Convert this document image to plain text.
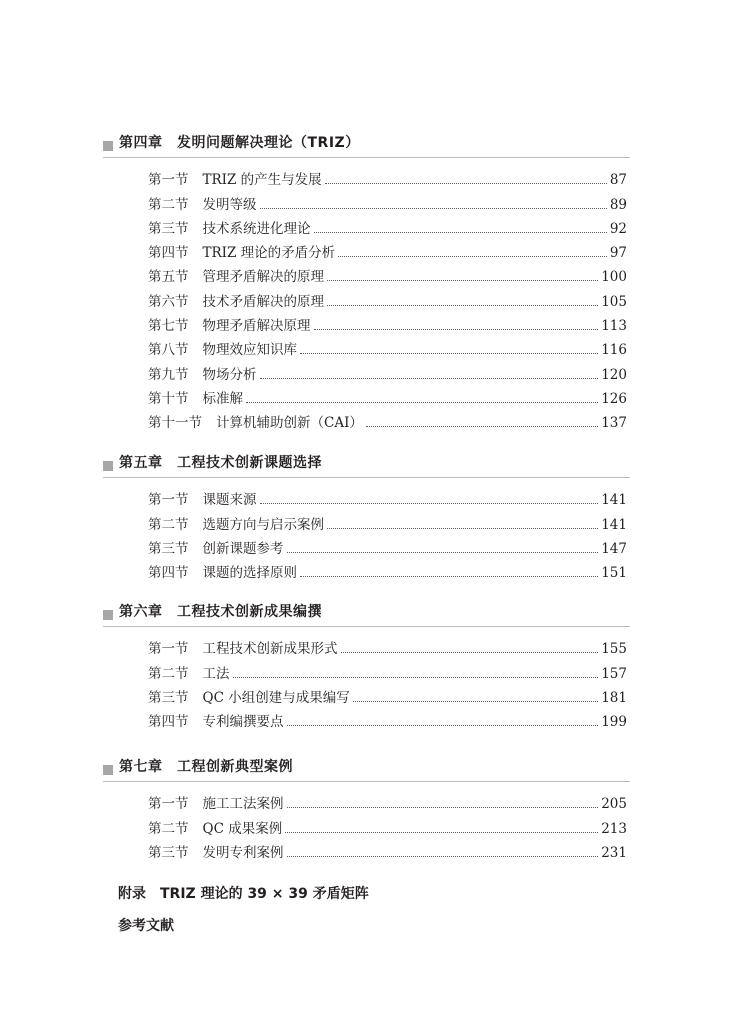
第四章　发明问题解决理论（TRIZ）
第一节 TRIZ 的产生与发展	87
第二节 发明等级	89
第三节 技术系统进化理论	92
第四节 TRIZ 理论的矛盾分析	97
第五节 管理矛盾解决的原理	100
第六节 技术矛盾解决的原理	105
第七节 物理矛盾解决原理	113
第八节 物理效应知识库	116
第九节 物场分析	120
第十节 标准解	126
第十一节 计算机辅助创新（CAI）	137
第五章　工程技术创新课题选择
第一节 课题来源	141
第二节 选题方向与启示案例	141
第三节 创新课题参考	147
第四节 课题的选择原则	151
第六章　工程技术创新成果编撰
第一节 工程技术创新成果形式	155
第二节 工法	157
第三节 QC 小组创建与成果编写	181
第四节 专利编撰要点	199
第七章　工程创新典型案例
第一节 施工工法案例	205
第二节 QC 成果案例	213
第三节 发明专利案例	231
附录　TRIZ 理论的 39 × 39 矛盾矩阵
参考文献
